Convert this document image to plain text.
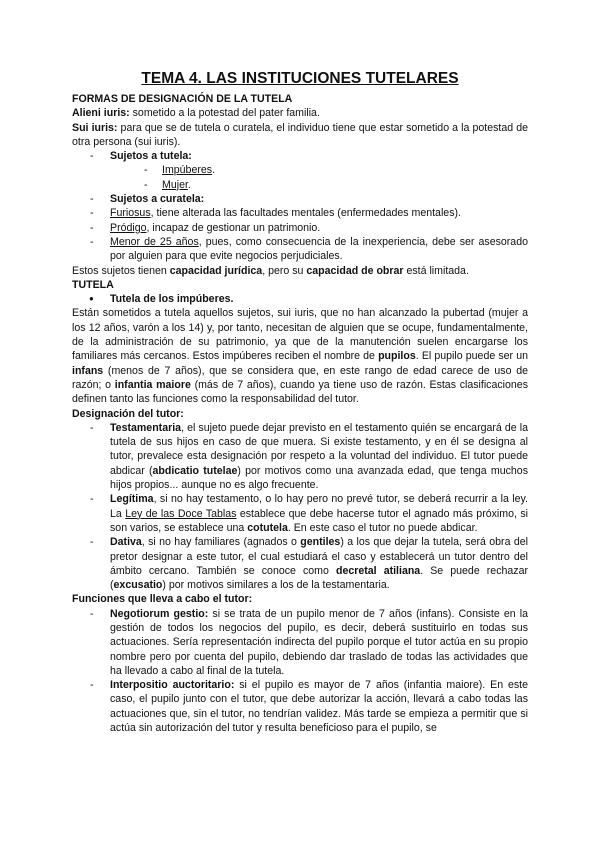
TEMA 4. LAS INSTITUCIONES TUTELARES

FORMAS DE DESIGNACIÓN DE LA TUTELA

Alieni iuris: sometido a la potestad del pater familia.

Sui iuris: para que se de tutela o curatela, el individuo tiene que estar sometido a la potestad de otra persona (sui iuris).

- Sujetos a tutela:
- Impúberes.
- Mujer.
- Sujetos a curatela:
- Furiosus, tiene alterada las facultades mentales (enfermedades mentales).
- Pródigo, incapaz de gestionar un patrimonio.
- Menor de 25 años, pues, como consecuencia de la inexperiencia, debe ser asesorado por alguien para que evite negocios perjudiciales.

Estos sujetos tienen capacidad jurídica, pero su capacidad de obrar está limitada.

TUTELA

● Tutela de los impúberes.

Están sometidos a tutela aquellos sujetos, sui iuris, que no han alcanzado la pubertad (mujer a los 12 años, varón a los 14) y, por tanto, necesitan de alguien que se ocupe, fundamentalmente, de la administración de su patrimonio, ya que de la manutención suelen encargarse los familiares más cercanos. Estos impúberes reciben el nombre de pupilos. El pupilo puede ser un infans (menos de 7 años), que se considera que, en este rango de edad carece de uso de razón; o infantia maiore (más de 7 años), cuando ya tiene uso de razón. Estas clasificaciones definen tanto las funciones como la responsabilidad del tutor.

Designación del tutor:

- Testamentaria, el sujeto puede dejar previsto en el testamento quién se encargará de la tutela de sus hijos en caso de que muera. Si existe testamento, y en él se designa al tutor, prevalece esta designación por respeto a la voluntad del individuo. El tutor puede abdicar (abdicatio tutelae) por motivos como una avanzada edad, que tenga muchos hijos propios... aunque no es algo frecuente.
- Legítima, si no hay testamento, o lo hay pero no prevé tutor, se deberá recurrir a la ley. La Ley de las Doce Tablas establece que debe hacerse tutor el agnado más próximo, si son varios, se establece una cotutela. En este caso el tutor no puede abdicar.
- Dativa, si no hay familiares (agnados o gentiles) a los que dejar la tutela, será obra del pretor designar a este tutor, el cual estudiará el caso y establecerá un tutor dentro del ámbito cercano. También se conoce como decretal atiliana. Se puede rechazar (excusatio) por motivos similares a los de la testamentaria.

Funciones que lleva a cabo el tutor:

- Negotiorum gestio: si se trata de un pupilo menor de 7 años (infans). Consiste en la gestión de todos los negocios del pupilo, es decir, deberá sustituirlo en todas sus actuaciones. Sería representación indirecta del pupilo porque el tutor actúa en su propio nombre pero por cuenta del pupilo, debiendo dar traslado de todas las actividades que ha llevado a cabo al final de la tutela.
- Interpositio auctoritario: si el pupilo es mayor de 7 años (infantia maiore). En este caso, el pupilo junto con el tutor, que debe autorizar la acción, llevará a cabo todas las actuaciones que, sin el tutor, no tendrían validez. Más tarde se empieza a permitir que si actúa sin autorización del tutor y resulta beneficioso para el pupilo, se
